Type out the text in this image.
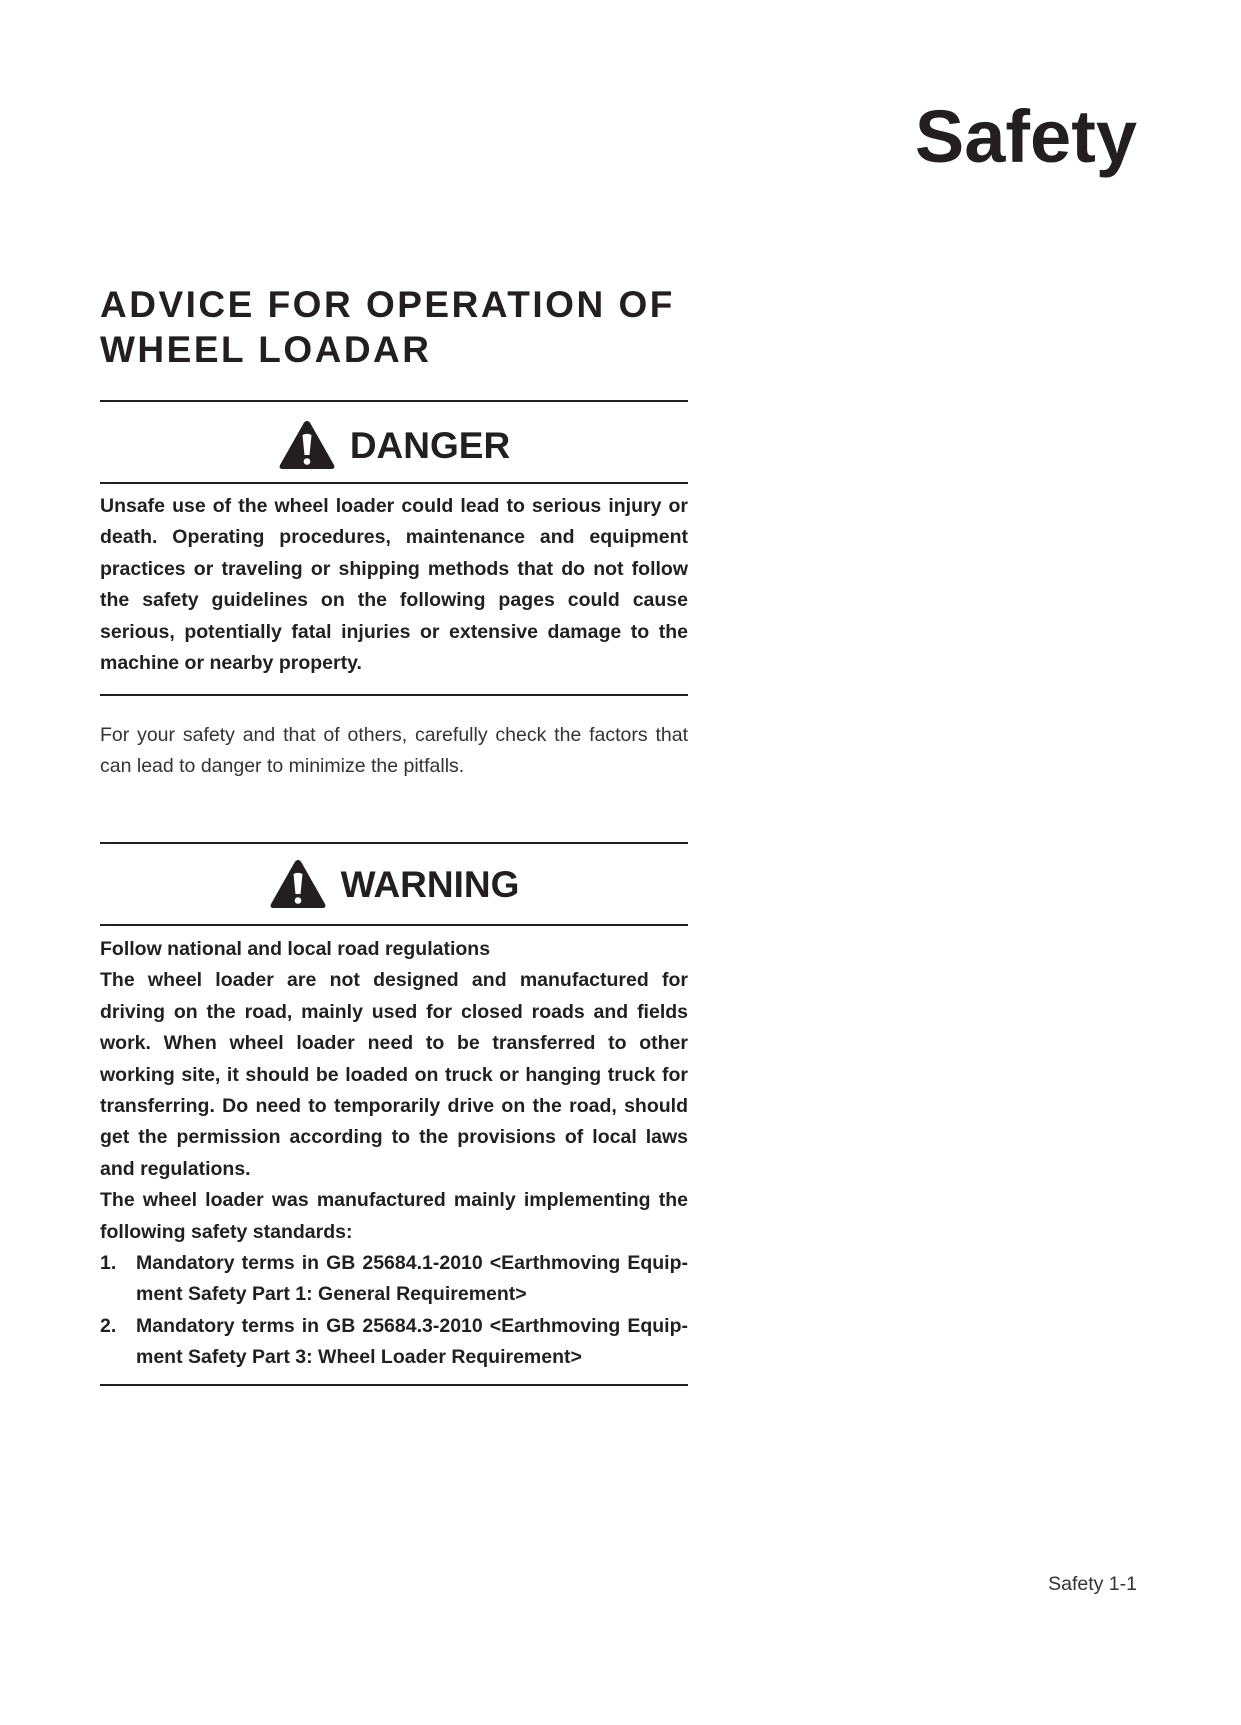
Safety
ADVICE FOR OPERATION OF
WHEEL LOADAR
DANGER

Unsafe use of the wheel loader could lead to serious injury or death. Operating procedures, maintenance and equipment practices or traveling or shipping methods that do not follow the safety guidelines on the following pages could cause serious, potentially fatal injuries or extensive damage to the machine or nearby property.

For your safety and that of others, carefully check the factors that can lead to danger to minimize the pitfalls.

WARNING

Follow national and local road regulations

The wheel loader are not designed and manufactured for driving on the road, mainly used for closed roads and fields work. When wheel loader need to be transferred to other working site, it should be loaded on truck or hanging truck for transferring. Do need to temporarily drive on the road, should get the permission according to the provisions of local laws and regulations.

The wheel loader was manufactured mainly implementing the following safety standards:

1.	Mandatory terms in GB 25684.1-2010 <Earthmoving Equip-ment Safety Part 1: General Requirement>
2.	Mandatory terms in GB 25684.3-2010 <Earthmoving Equip-ment Safety Part 3: Wheel Loader Requirement>
Safety 1-1
